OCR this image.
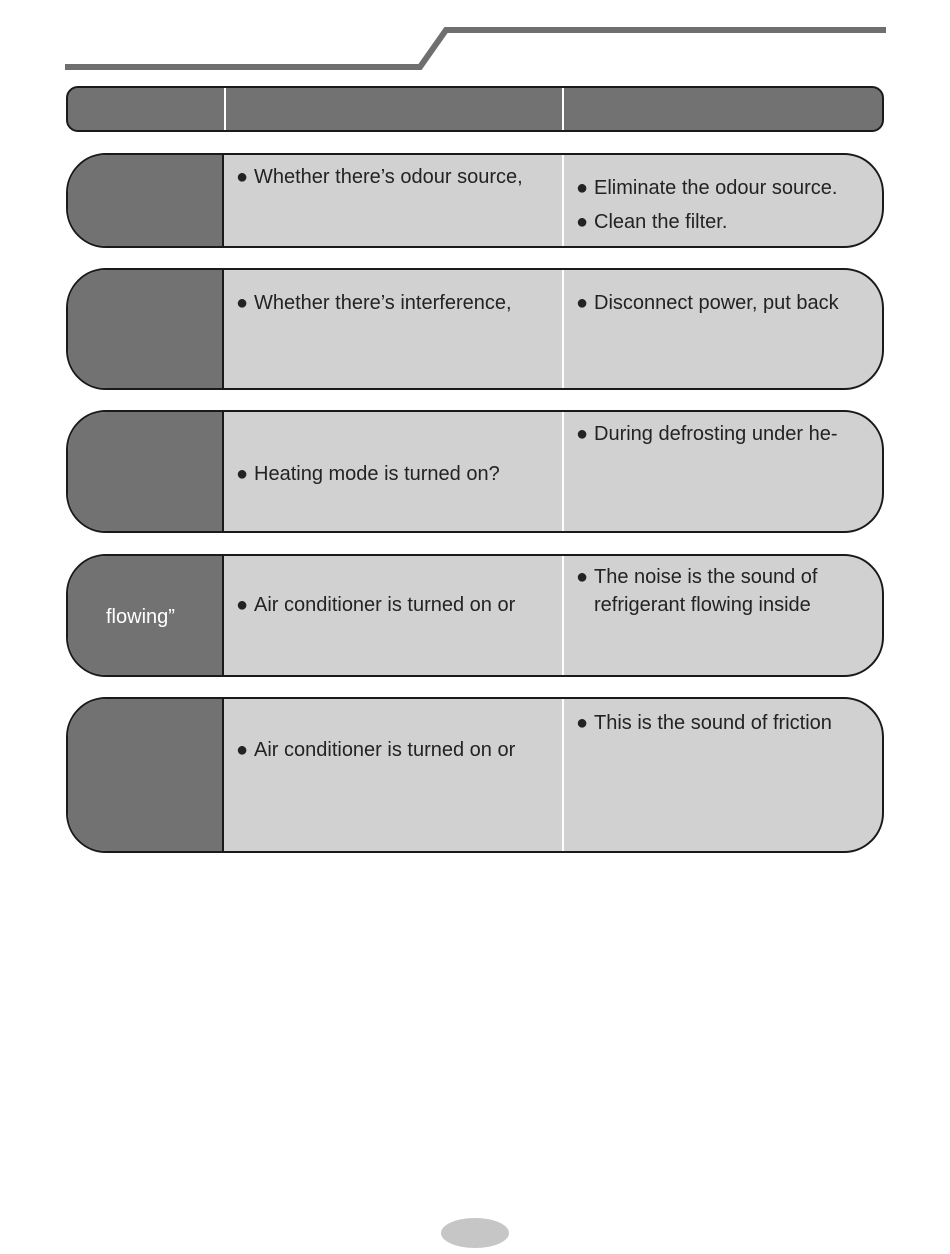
● Whether there’s odour source,	● Eliminate the odour source.
● Clean the filter.
● Whether there’s interference,	● Disconnect power, put back
● Heating mode is turned on?
● During defrosting under he-
flowing”
● Air conditioner is turned on or
● The noise is the sound of
refrigerant flowing inside
● Air conditioner is turned on or
● This is the sound of friction
